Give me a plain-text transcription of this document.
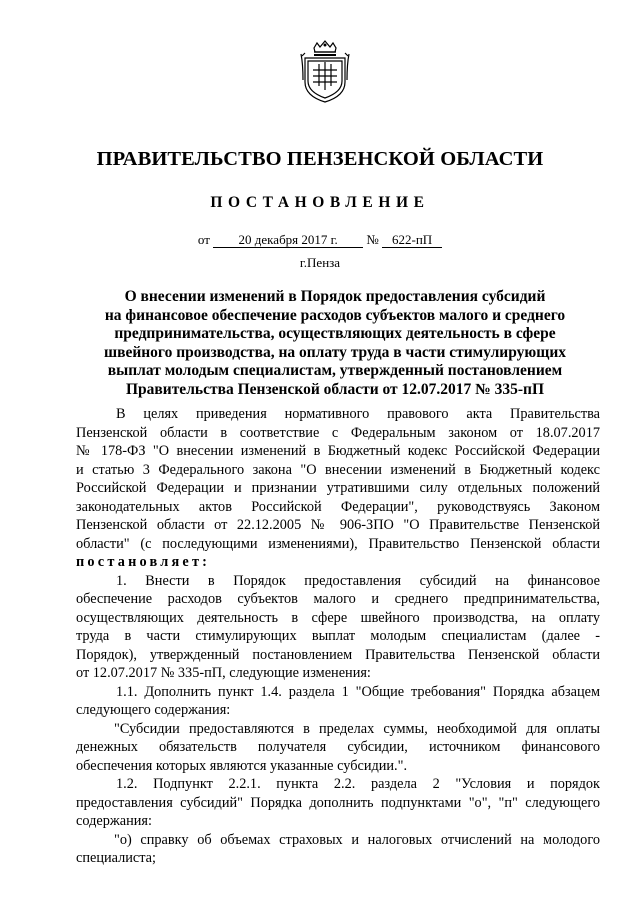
ПРАВИТЕЛЬСТВО ПЕНЗЕНСКОЙ ОБЛАСТИ
ПОСТАНОВЛЕНИЕ
от 20 декабря 2017 г. № 622-пП
г.Пенза
О внесении изменений в Порядок предоставления субсидий
на финансовое обеспечение расходов субъектов малого и среднего
предпринимательства, осуществляющих деятельность в сфере
швейного производства, на оплату труда в части стимулирующих
выплат молодым специалистам, утвержденный постановлением
Правительства Пензенской области от 12.07.2017 № 335-пП

В целях приведения нормативного правового акта Правительства
Пензенской области в соответствие с Федеральным законом от 18.07.2017
№ 178-ФЗ "О внесении изменений в Бюджетный кодекс Российской Федерации
и статью 3 Федерального закона "О внесении изменений в Бюджетный кодекс
Российской Федерации и признании утратившими силу отдельных положений
законодательных актов Российской Федерации", руководствуясь Законом
Пензенской области от 22.12.2005 № 906-ЗПО "О Правительстве Пензенской
области" (с последующими изменениями), Правительство Пензенской области
постановляет:

1. Внести в Порядок предоставления субсидий на финансовое
обеспечение расходов субъектов малого и среднего предпринимательства,
осуществляющих деятельность в сфере швейного производства, на оплату
труда в части стимулирующих выплат молодым специалистам (далее -
Порядок), утвержденный постановлением Правительства Пензенской области
от 12.07.2017 № 335-пП, следующие изменения:

1.1. Дополнить пункт 1.4. раздела 1 "Общие требования" Порядка абзацем
следующего содержания:

"Субсидии предоставляются в пределах суммы, необходимой для оплаты
денежных обязательств получателя субсидии, источником финансового
обеспечения которых являются указанные субсидии.".

1.2. Подпункт 2.2.1. пункта 2.2. раздела 2 "Условия и порядок
предоставления субсидий" Порядка дополнить подпунктами "о", "п" следующего
содержания:

"о) справку об объемах страховых и налоговых отчислений на молодого
специалиста;
